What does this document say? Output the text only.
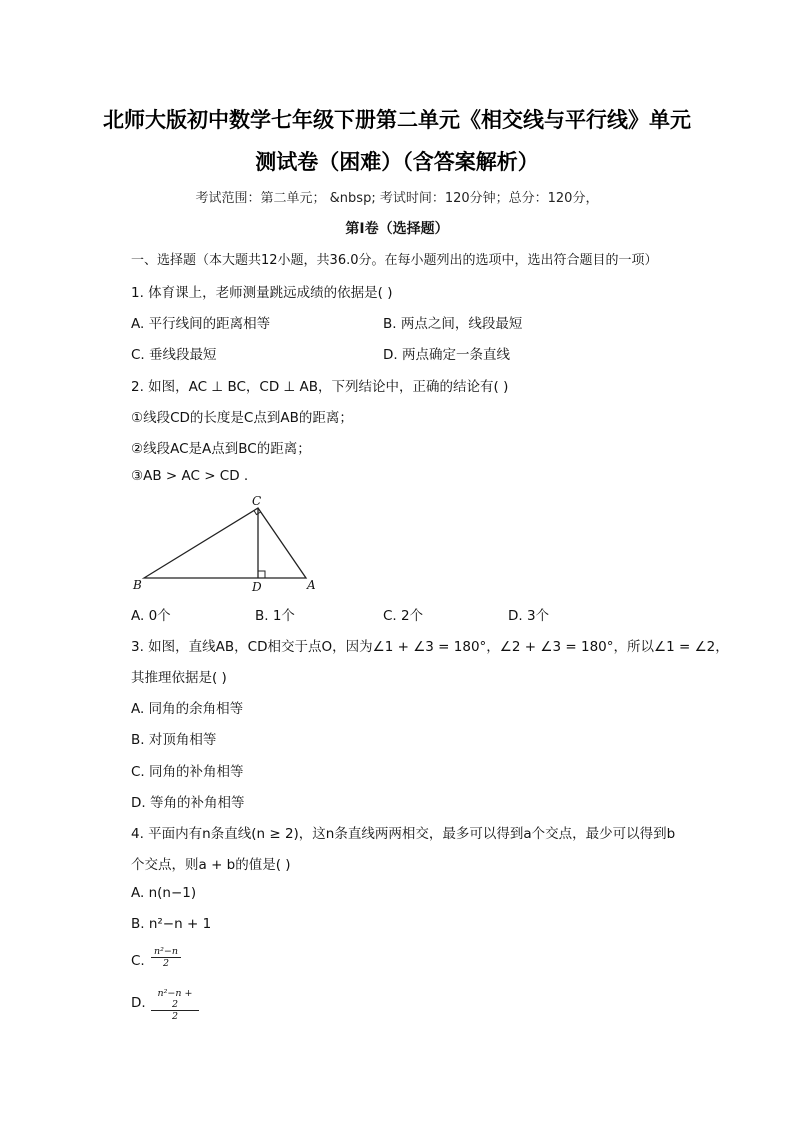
北师大版初中数学七年级下册第二单元《相交线与平行线》单元
测试卷（困难）（含答案解析）
考试范围：第二单元； &nbsp; 考试时间：120分钟；总分：120分，
第I卷（选择题）
一、选择题（本大题共12小题，共36.0分。在每小题列出的选项中，选出符合题目的一项）
1. 体育课上，老师测量跳远成绩的依据是( )
A. 平行线间的距离相等	B. 两点之间，线段最短
C. 垂线段最短	D. 两点确定一条直线
2. 如图，AC ⊥ BC，CD ⊥ AB，下列结论中，正确的结论有( )
①线段CD的长度是C点到AB的距离；
②线段AC是A点到BC的距离；
③AB > AC > CD .
C
B	D	A
A. 0个	B. 1个	C. 2个	D. 3个
3. 如图，直线AB，CD相交于点O，因为∠1 + ∠3 = 180°，∠2 + ∠3 = 180°，所以∠1 = ∠2，
其推理依据是( )
A. 同角的余角相等
B. 对顶角相等
C. 同角的补角相等
D. 等角的补角相等
4. 平面内有n条直线(n ≥ 2)，这n条直线两两相交，最多可以得到a个交点，最少可以得到b
个交点，则a + b的值是( )
A. n(n−1)
B. n²−n + 1
C. $\frac{\text{n²−n}}{2}$
D. $\frac{\text{n²−n + 2}}{2}$
